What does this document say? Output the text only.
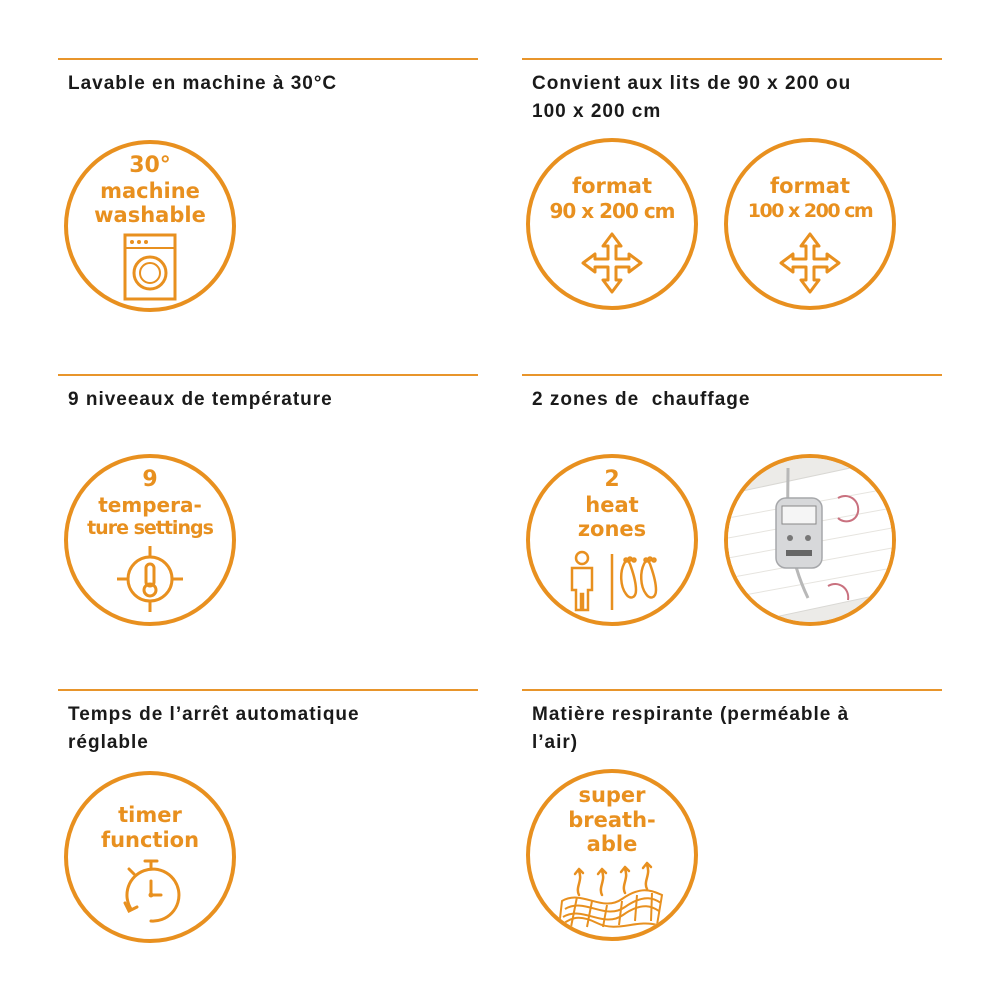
Lavable en machine à 30°C
30°
machine
washable
Convient aux lits de 90 x 200 ou
100 x 200 cm
format
90 x 200 cm
format
100 x 200 cm
9 niveeaux de température
9
tempera-
ture settings
2 zones de  chauffage
2
heat
zones
Temps de l’arrêt automatique
réglable
timer
function
Matière respirante (perméable à
l’air)
super
breath-
able
